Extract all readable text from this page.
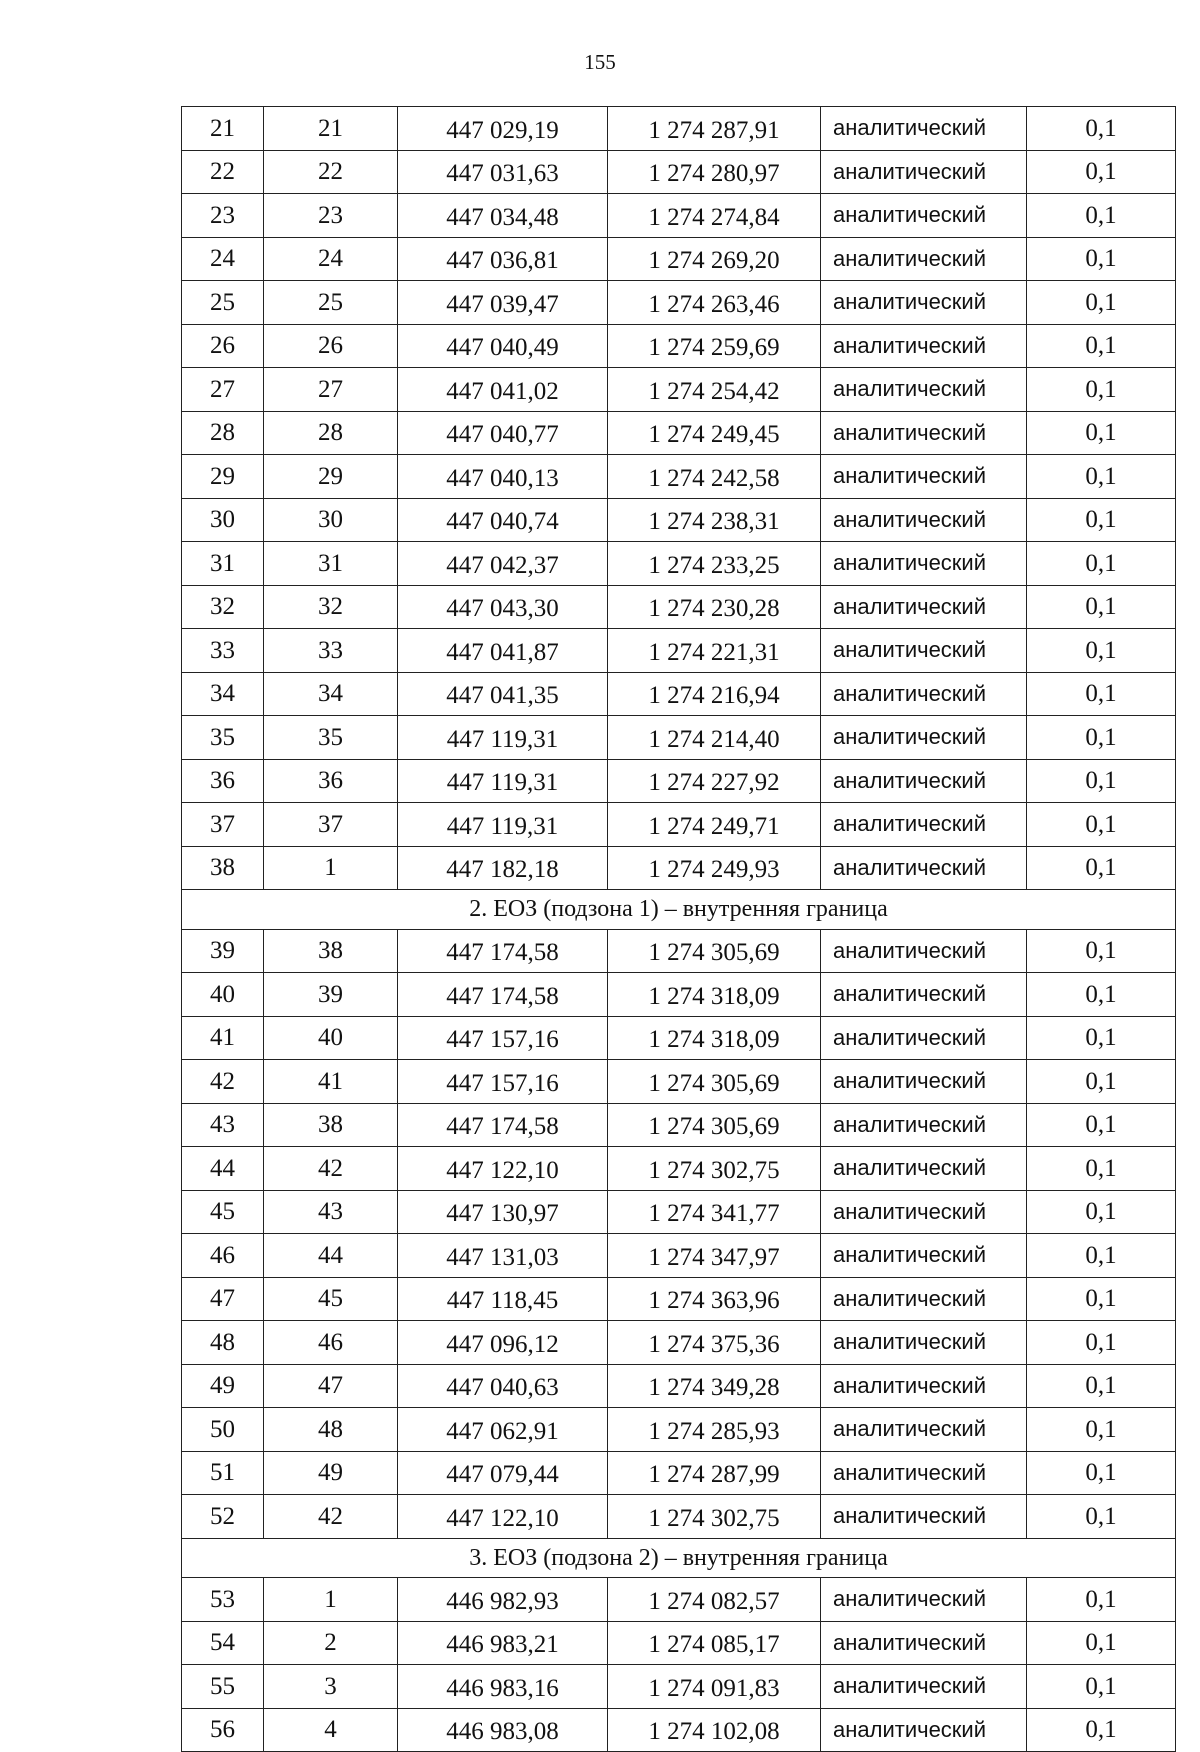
155
21	21	447 029,19	1 274 287,91	аналитический	0,1
22	22	447 031,63	1 274 280,97	аналитический	0,1
23	23	447 034,48	1 274 274,84	аналитический	0,1
24	24	447 036,81	1 274 269,20	аналитический	0,1
25	25	447 039,47	1 274 263,46	аналитический	0,1
26	26	447 040,49	1 274 259,69	аналитический	0,1
27	27	447 041,02	1 274 254,42	аналитический	0,1
28	28	447 040,77	1 274 249,45	аналитический	0,1
29	29	447 040,13	1 274 242,58	аналитический	0,1
30	30	447 040,74	1 274 238,31	аналитический	0,1
31	31	447 042,37	1 274 233,25	аналитический	0,1
32	32	447 043,30	1 274 230,28	аналитический	0,1
33	33	447 041,87	1 274 221,31	аналитический	0,1
34	34	447 041,35	1 274 216,94	аналитический	0,1
35	35	447 119,31	1 274 214,40	аналитический	0,1
36	36	447 119,31	1 274 227,92	аналитический	0,1
37	37	447 119,31	1 274 249,71	аналитический	0,1
38	1	447 182,18	1 274 249,93	аналитический	0,1
2. ЕОЗ (подзона 1) – внутренняя граница					
39	38	447 174,58	1 274 305,69	аналитический	0,1
40	39	447 174,58	1 274 318,09	аналитический	0,1
41	40	447 157,16	1 274 318,09	аналитический	0,1
42	41	447 157,16	1 274 305,69	аналитический	0,1
43	38	447 174,58	1 274 305,69	аналитический	0,1
44	42	447 122,10	1 274 302,75	аналитический	0,1
45	43	447 130,97	1 274 341,77	аналитический	0,1
46	44	447 131,03	1 274 347,97	аналитический	0,1
47	45	447 118,45	1 274 363,96	аналитический	0,1
48	46	447 096,12	1 274 375,36	аналитический	0,1
49	47	447 040,63	1 274 349,28	аналитический	0,1
50	48	447 062,91	1 274 285,93	аналитический	0,1
51	49	447 079,44	1 274 287,99	аналитический	0,1
52	42	447 122,10	1 274 302,75	аналитический	0,1
3. ЕОЗ (подзона 2) – внутренняя граница					
53	1	446 982,93	1 274 082,57	аналитический	0,1
54	2	446 983,21	1 274 085,17	аналитический	0,1
55	3	446 983,16	1 274 091,83	аналитический	0,1
56	4	446 983,08	1 274 102,08	аналитический	0,1
